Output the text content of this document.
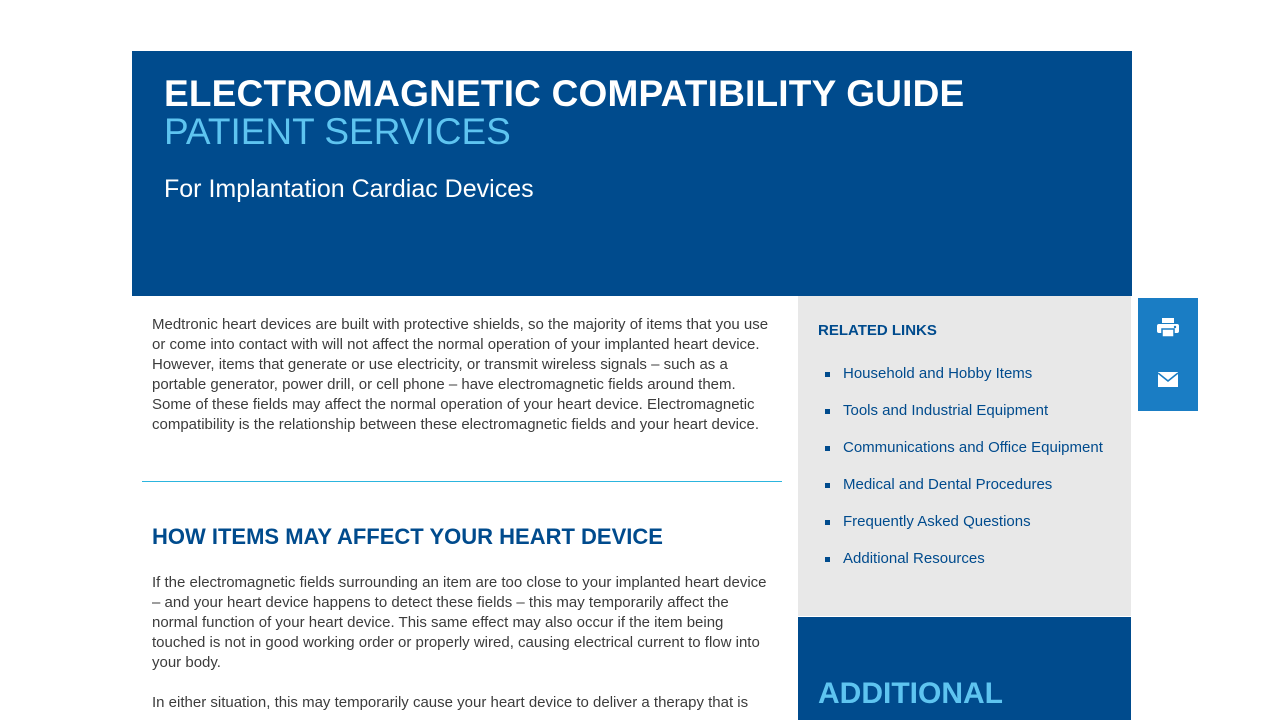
ELECTROMAGNETIC COMPATIBILITY GUIDE
PATIENT SERVICES
For Implantation Cardiac Devices

Medtronic heart devices are built with protective shields, so the majority of items that you use or come into contact with will not affect the normal operation of your implanted heart device. However, items that generate or use electricity, or transmit wireless signals – such as a portable generator, power drill, or cell phone – have electromagnetic fields around them. Some of these fields may affect the normal operation of your heart device. Electromagnetic compatibility is the relationship between these electromagnetic fields and your heart device.

HOW ITEMS MAY AFFECT YOUR HEART DEVICE

If the electromagnetic fields surrounding an item are too close to your implanted heart device – and your heart device happens to detect these fields – this may temporarily affect the normal function of your heart device. This same effect may also occur if the item being touched is not in good working order or properly wired, causing electrical current to flow into your body.

In either situation, this may temporarily cause your heart device to deliver a therapy that is

RELATED LINKS
Household and Hobby Items
Tools and Industrial Equipment
Communications and Office Equipment
Medical and Dental Procedures
Frequently Asked Questions
Additional Resources
ADDITIONAL
